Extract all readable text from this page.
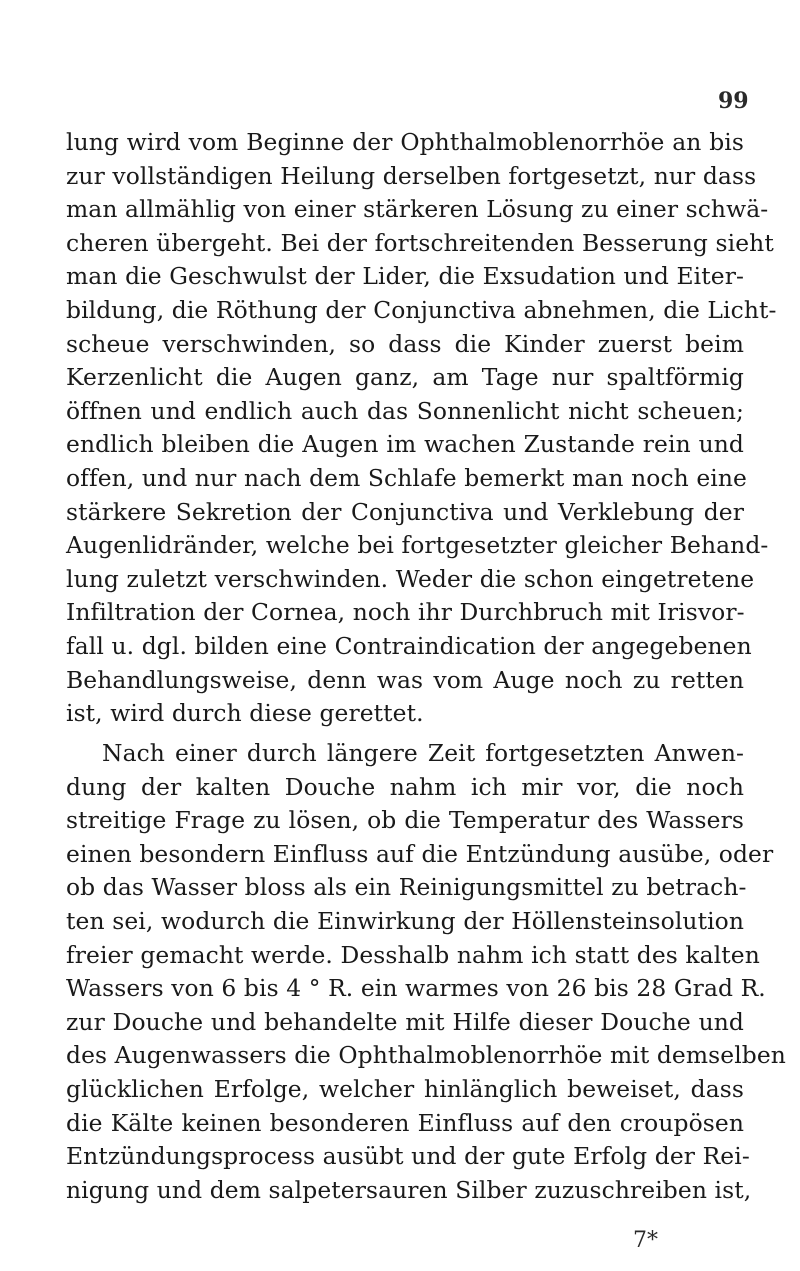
99
lung wird vom Beginne der Ophthalmoblenorrhöe an bis
zur vollständigen Heilung derselben fortgesetzt, nur dass
man allmählig von einer stärkeren Lösung zu einer schwä-
cheren übergeht. Bei der fortschreitenden Besserung sieht
man die Geschwulst der Lider, die Exsudation und Eiter-
bildung, die Röthung der Conjunctiva abnehmen, die Licht-
scheue verschwinden, so dass die Kinder zuerst beim
Kerzenlicht die Augen ganz, am Tage nur spaltförmig
öffnen und endlich auch das Sonnenlicht nicht scheuen;
endlich bleiben die Augen im wachen Zustande rein und
offen, und nur nach dem Schlafe bemerkt man noch eine
stärkere Sekretion der Conjunctiva und Verklebung der
Augenlidränder, welche bei fortgesetzter gleicher Behand-
lung zuletzt verschwinden. Weder die schon eingetretene
Infiltration der Cornea, noch ihr Durchbruch mit Irisvor-
fall u. dgl. bilden eine Contraindication der angegebenen
Behandlungsweise, denn was vom Auge noch zu retten
ist, wird durch diese gerettet.
Nach einer durch längere Zeit fortgesetzten Anwen-
dung der kalten Douche nahm ich mir vor, die noch
streitige Frage zu lösen, ob die Temperatur des Wassers
einen besondern Einfluss auf die Entzündung ausübe, oder
ob das Wasser bloss als ein Reinigungsmittel zu betrach-
ten sei, wodurch die Einwirkung der Höllensteinsolution
freier gemacht werde. Desshalb nahm ich statt des kalten
Wassers von 6 bis 4 ° R. ein warmes von 26 bis 28 Grad R.
zur Douche und behandelte mit Hilfe dieser Douche und
des Augenwassers die Ophthalmoblenorrhöe mit demselben
glücklichen Erfolge, welcher hinlänglich beweiset, dass
die Kälte keinen besonderen Einfluss auf den croupösen
Entzündungsprocess ausübt und der gute Erfolg der Rei-
nigung und dem salpetersauren Silber zuzuschreiben ist,
7*
